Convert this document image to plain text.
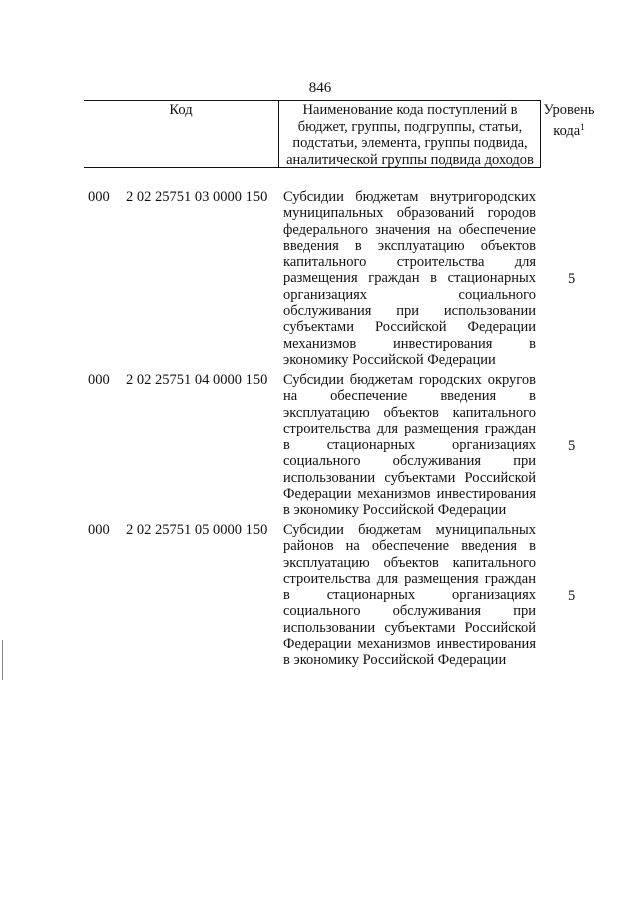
846
Код	Наименование кода поступлений в
бюджет, группы, подгруппы, статьи,
подстатьи, элемента, группы подвида,
аналитической группы подвида доходов
Уровень
кода$^1$
000 2 02 25751 03 0000 150 Субсидии бюджетам внутригородских
муниципальных образований городов
федерального значения на обеспечение
введения в эксплуатацию объектов
капитального строительства для
размещения граждан в стационарных
организациях социального
обслуживания при использовании
субъектами Российской Федерации
механизмов инвестирования в
экономику Российской Федерации
5
000 2 02 25751 04 0000 150 Субсидии бюджетам городских округов
на обеспечение введения в
эксплуатацию объектов капитального
строительства для размещения граждан
в стационарных организациях
социального обслуживания при
использовании субъектами Российской
Федерации механизмов инвестирования
в экономику Российской Федерации
5
000 2 02 25751 05 0000 150 Субсидии бюджетам муниципальных
районов на обеспечение введения в
эксплуатацию объектов капитального
строительства для размещения граждан
в стационарных организациях
социального обслуживания при
использовании субъектами Российской
Федерации механизмов инвестирования
в экономику Российской Федерации
5
